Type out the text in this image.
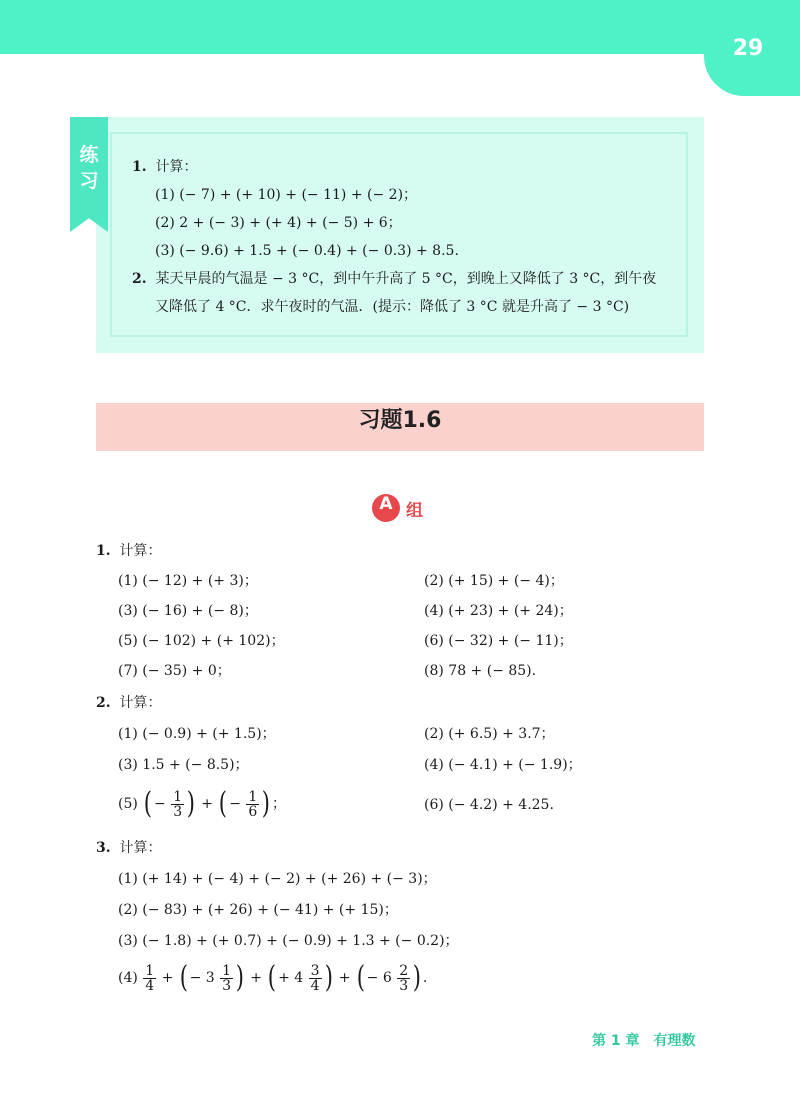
29
练
习
1. 计算：
(1) (− 7) + (+ 10) + (− 11) + (− 2)；
(2) 2 + (− 3) + (+ 4) + (− 5) + 6；
(3) (− 9.6) + 1.5 + (− 0.4) + (− 0.3) + 8.5.
2. 某天早晨的气温是 − 3 °C，到中午升高了 5 °C，到晚上又降低了 3 °C，到午夜
又降低了 4 °C．求午夜时的气温．(提示：降低了 3 °C 就是升高了 − 3 °C)
习题1.6
A 组
1. 计算：
(1) (− 12) + (+ 3)；	(2) (+ 15) + (− 4)；
(3) (− 16) + (− 8)；	(4) (+ 23) + (+ 24)；
(5) (− 102) + (+ 102)；	(6) (− 32) + (− 11)；
(7) (− 35) + 0；	(8) 78 + (− 85).
2. 计算：
(1) (− 0.9) + (+ 1.5)；	(2) (+ 6.5) + 3.7；
(3) 1.5 + (− 8.5)；	(4) (− 4.1) + (− 1.9)；
(5) ( − $\frac{1}{3}$ ) + ( − $\frac{1}{6}$ ) ；	(6) (− 4.2) + 4.25.
3. 计算：
(1) (+ 14) + (− 4) + (− 2) + (+ 26) + (− 3)；
(2) (− 83) + (+ 26) + (− 41) + (+ 15)；
(3) (− 1.8) + (+ 0.7) + (− 0.9) + 1.3 + (− 0.2)；
$(4) \frac{1}{4}$ + ( − $3 \frac{1}{3}$ ) + ( + $4 \frac{3}{4}$ ) + ( − $6 \frac{2}{3}$ ) .
第 1 章　有理数
